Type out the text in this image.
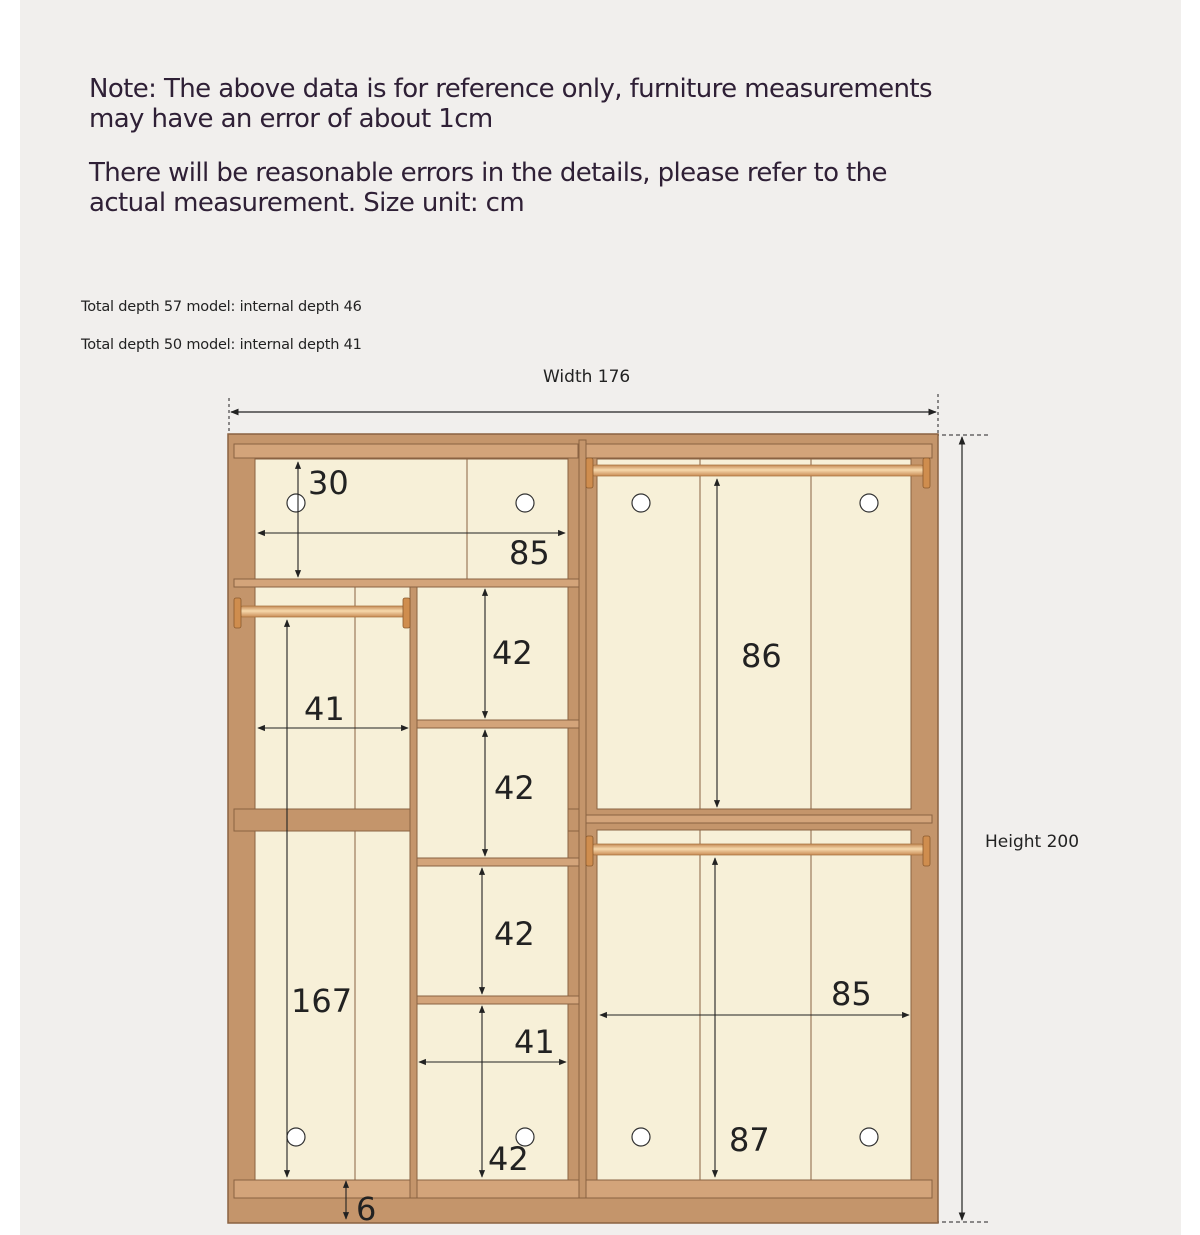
Note: The above data is for reference only, furniture measurements
may have an error of about 1cm
There will be reasonable errors in the details, please refer to the
actual measurement. Size unit: cm
Total depth 57 model: internal depth 46
Total depth 50 model: internal depth 41
Width 176
Height 200
30
85
41
167
6
42
42
42
41
42
86
85
87
